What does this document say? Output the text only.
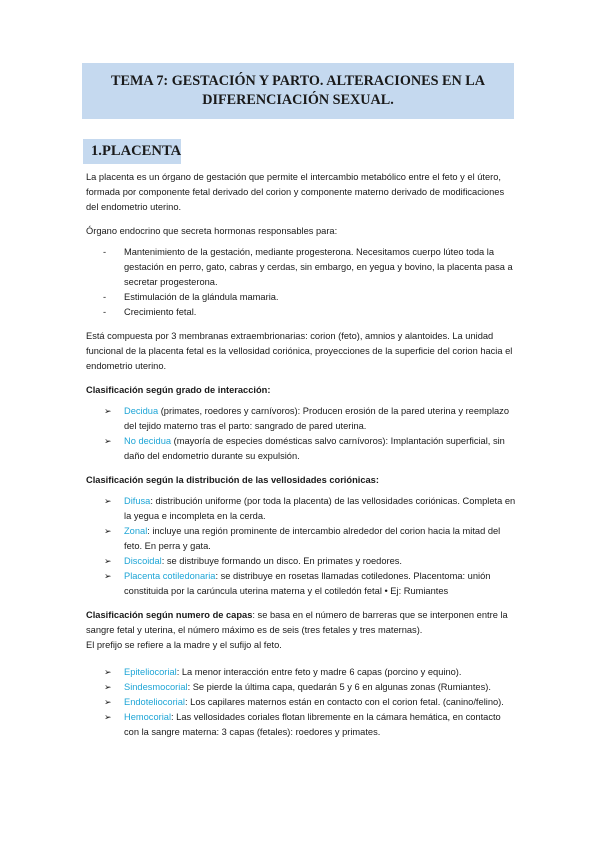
TEMA 7: GESTACIÓN Y PARTO. ALTERACIONES EN LA
DIFERENCIACIÓN SEXUAL.
1.PLACENTA

La placenta es un órgano de gestación que permite el intercambio metabólico entre el feto y el útero, formada por componente fetal derivado del corion y componente materno derivado de modificaciones del endometrio uterino.

Órgano endocrino que secreta hormonas responsables para:

- Mantenimiento de la gestación, mediante progesterona. Necesitamos cuerpo lúteo toda la gestación en perro, gato, cabras y cerdas, sin embargo, en yegua y bovino, la placenta pasa a secretar progesterona.
- Estimulación de la glándula mamaria.
- Crecimiento fetal.

Está compuesta por 3 membranas extraembrionarias: corion (feto), amnios y alantoides. La unidad funcional de la placenta fetal es la vellosidad coriónica, proyecciones de la superficie del corion hacia el endometrio uterino.

Clasificación según grado de interacción:

➢ Decidua (primates, roedores y carnívoros): Producen erosión de la pared uterina y reemplazo del tejido materno tras el parto: sangrado de pared uterina.
➢ No decidua (mayoría de especies domésticas salvo carnívoros): Implantación superficial, sin daño del endometrio durante su expulsión.

Clasificación según la distribución de las vellosidades coriónicas:

➢ Difusa: distribución uniforme (por toda la placenta) de las vellosidades coriónicas. Completa en la yegua e incompleta en la cerda.
➢ Zonal: incluye una región prominente de intercambio alrededor del corion hacia la mitad del feto. En perra y gata.
➢ Discoidal: se distribuye formando un disco. En primates y roedores.
➢ Placenta cotiledonaria: se distribuye en rosetas llamadas cotiledones. Placentoma: unión constituida por la carúncula uterina materna y el cotiledón fetal • Ej: Rumiantes

Clasificación según numero de capas: se basa en el número de barreras que se interponen entre la sangre fetal y uterina, el número máximo es de seis (tres fetales y tres maternas).

El prefijo se refiere a la madre y el sufijo al feto.

➢ Epiteliocorial: La menor interacción entre feto y madre 6 capas (porcino y equino).
➢ Sindesmocorial: Se pierde la última capa, quedarán 5 y 6 en algunas zonas (Rumiantes).
➢ Endoteliocorial: Los capilares maternos están en contacto con el corion fetal. (canino/felino).
➢ Hemocorial: Las vellosidades coriales flotan libremente en la cámara hemática, en contacto con la sangre materna: 3 capas (fetales): roedores y primates.
